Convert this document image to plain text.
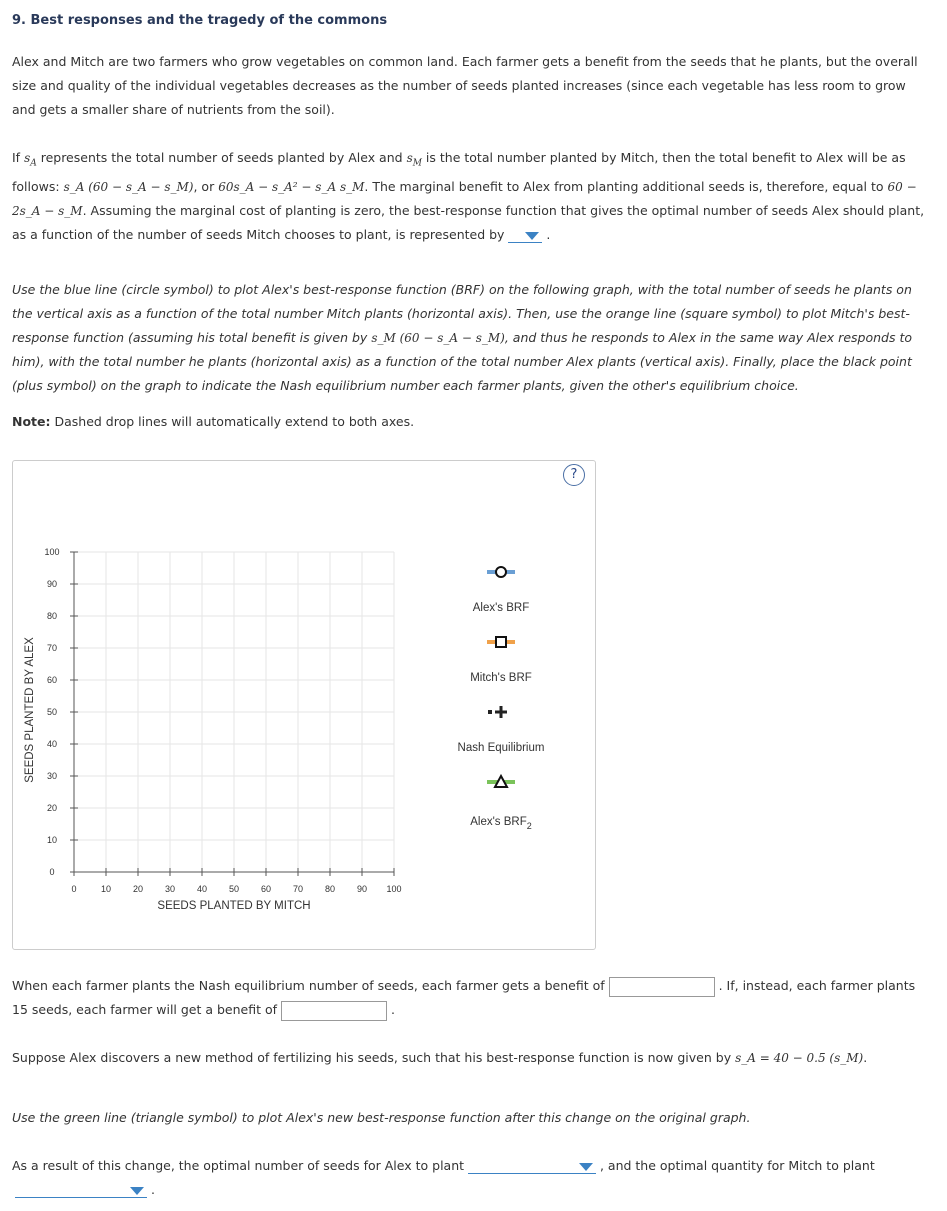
9. Best responses and the tragedy of the commons
Alex and Mitch are two farmers who grow vegetables on common land. Each farmer gets a benefit from the seeds that he plants, but the overall size and quality of the individual vegetables decreases as the number of seeds planted increases (since each vegetable has less room to grow and gets a smaller share of nutrients from the soil).
If $s_A$ represents the total number of seeds planted by Alex and $s_M$ is the total number planted by Mitch, then the total benefit to Alex will be as follows: s_A (60 − s_A − s_M), or 60s_A − s_A² − s_A s_M. The marginal benefit to Alex from planting additional seeds is, therefore, equal to 60 − 2s_A − s_M. Assuming the marginal cost of planting is zero, the best-response function that gives the optimal number of seeds Alex should plant, as a function of the number of seeds Mitch chooses to plant, is represented by	.
Use the blue line (circle symbol) to plot Alex's best-response function (BRF) on the following graph, with the total number of seeds he plants on the vertical axis as a function of the total number Mitch plants (horizontal axis). Then, use the orange line (square symbol) to plot Mitch's best-response function (assuming his total benefit is given by s_M (60 − s_A − s_M), and thus he responds to Alex in the same way Alex responds to him), with the total number he plants (horizontal axis) as a function of the total number Alex plants (vertical axis). Finally, place the black point (plus symbol) on the graph to indicate the Nash equilibrium number each farmer plants, given the other's equilibrium choice.
Note: Dashed drop lines will automatically extend to both axes.
?
0	10 20 30 40 50 60 70 80 90 100
0
10
20
30
40
50
60
70
80
90
100
SEEDS PLANTED BY MITCH
SEEDS PLANTED BY ALEX
Alex's BRF
Mitch's BRF
Nash Equilibrium
Alex's $BRF_2$
When each farmer plants the Nash equilibrium number of seeds, each farmer gets a benefit of	. If, instead, each farmer plants 15 seeds, each farmer will get a benefit of	.
Suppose Alex discovers a new method of fertilizing his seeds, such that his best-response function is now given by s_A = 40 − 0.5 (s_M).
Use the green line (triangle symbol) to plot Alex's new best-response function after this change on the original graph.
As a result of this change, the optimal number of seeds for Alex to plant	, and the optimal quantity for Mitch to plant

.
